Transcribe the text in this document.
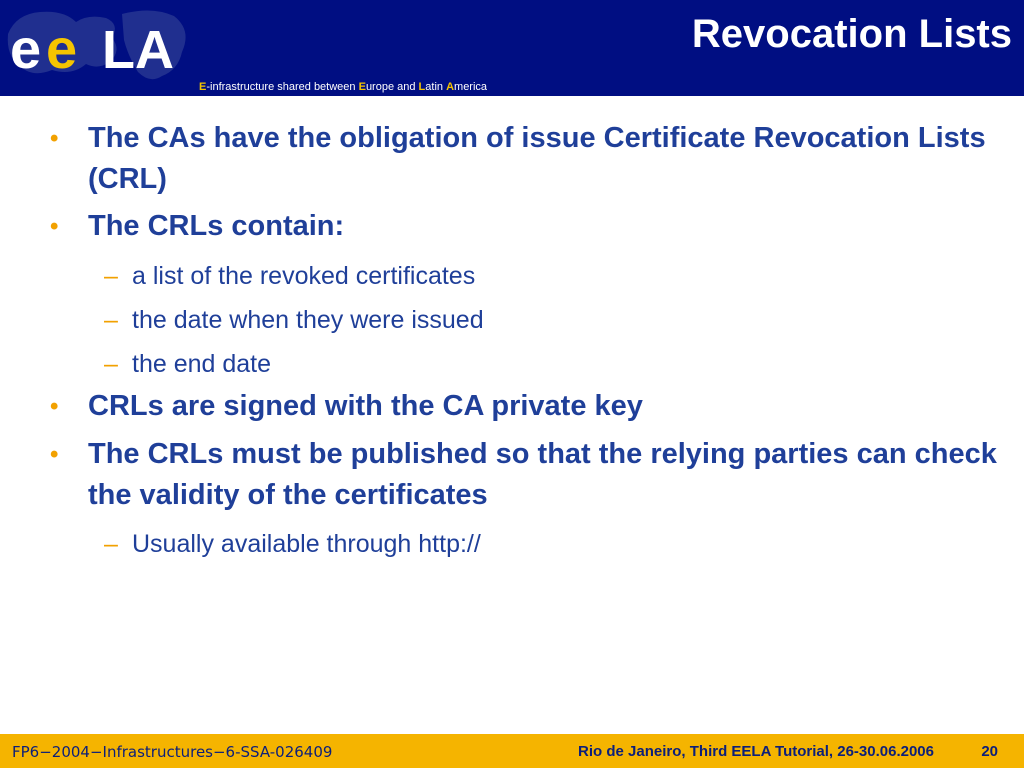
e e LA	Revocation Lists
E-infrastructure shared between Europe and Latin America
• The CAs have the obligation of issue Certificate Revocation Lists (CRL)
• The CRLs contain:
– a list of the revoked certificates
– the date when they were issued
– the end date
• CRLs are signed with the CA private key
• The CRLs must be published so that the relying parties can check the validity of the certificates
– Usually available through http://
FP6−2004−Infrastructures−6-SSA-026409	Rio de Janeiro, Third EELA Tutorial, 26-30.06.2006	20
